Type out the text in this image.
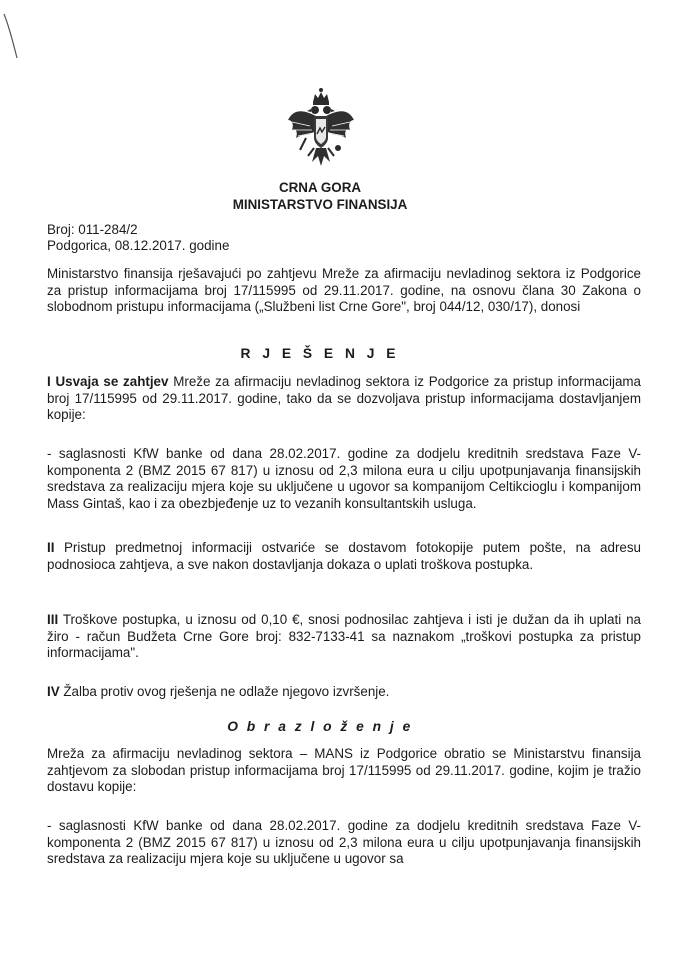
CRNA GORA
MINISTARSTVO FINANSIJA
Broj: 011-284/2
Podgorica, 08.12.2017. godine

Ministarstvo finansija rješavajući po zahtjevu Mreže za afirmaciju nevladinog sektora iz Podgorice za pristup informacijama broj 17/115995 od 29.11.2017. godine, na osnovu člana 30 Zakona o slobodnom pristupu informacijama („Službeni list Crne Gore", broj 044/12, 030/17), donosi

R J E Š E N J E

I Usvaja se zahtjev Mreže za afirmaciju nevladinog sektora iz Podgorice za pristup informacijama broj 17/115995 od 29.11.2017. godine, tako da se dozvoljava pristup informacijama dostavljanjem kopije:

- saglasnosti KfW banke od dana 28.02.2017. godine za dodjelu kreditnih sredstava Faze V-komponenta 2 (BMZ 2015 67 817) u iznosu od 2,3 milona eura u cilju upotpunjavanja finansijskih sredstava za realizaciju mjera koje su uključene u ugovor sa kompanijom Celtikcioglu i kompanijom Mass Gintaš, kao i za obezbjeđenje uz to vezanih konsultantskih usluga.

II Pristup predmetnoj informaciji ostvariće se dostavom fotokopije putem pošte, na adresu podnosioca zahtjeva, a sve nakon dostavljanja dokaza o uplati troškova postupka.

III Troškove postupka, u iznosu od 0,10 €, snosi podnosilac zahtjeva i isti je dužan da ih uplati na žiro - račun Budžeta Crne Gore broj: 832-7133-41 sa naznakom „troškovi postupka za pristup informacijama".

IV Žalba protiv ovog rješenja ne odlaže njegovo izvršenje.

O b r a z l o ž e n j e

Mreža za afirmaciju nevladinog sektora – MANS iz Podgorice obratio se Ministarstvu finansija zahtjevom za slobodan pristup informacijama broj 17/115995 od 29.11.2017. godine, kojim je tražio dostavu kopije:

- saglasnosti KfW banke od dana 28.02.2017. godine za dodjelu kreditnih sredstava Faze V-komponenta 2 (BMZ 2015 67 817) u iznosu od 2,3 milona eura u cilju upotpunjavanja finansijskih sredstava za realizaciju mjera koje su uključene u ugovor sa
